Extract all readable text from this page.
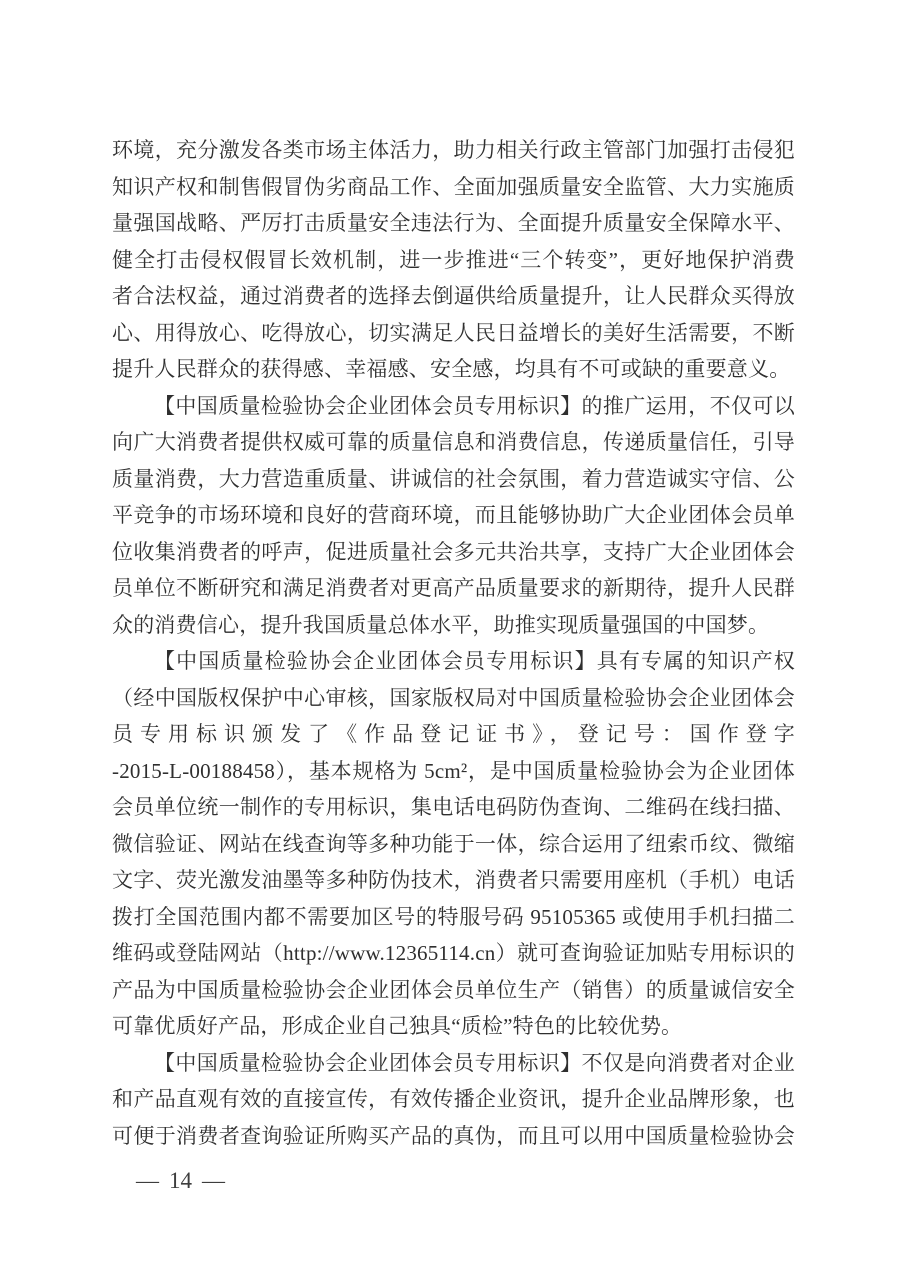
环境，充分激发各类市场主体活力，助力相关行政主管部门加强打击侵犯
知识产权和制售假冒伪劣商品工作、全面加强质量安全监管、大力实施质
量强国战略、严厉打击质量安全违法行为、全面提升质量安全保障水平、
健全打击侵权假冒长效机制，进一步推进“三个转变”，更好地保护消费
者合法权益，通过消费者的选择去倒逼供给质量提升，让人民群众买得放
心、用得放心、吃得放心，切实满足人民日益增长的美好生活需要，不断
提升人民群众的获得感、幸福感、安全感，均具有不可或缺的重要意义。
【中国质量检验协会企业团体会员专用标识】的推广运用，不仅可以
向广大消费者提供权威可靠的质量信息和消费信息，传递质量信任，引导
质量消费，大力营造重质量、讲诚信的社会氛围，着力营造诚实守信、公
平竞争的市场环境和良好的营商环境，而且能够协助广大企业团体会员单
位收集消费者的呼声，促进质量社会多元共治共享，支持广大企业团体会
员单位不断研究和满足消费者对更高产品质量要求的新期待，提升人民群
众的消费信心，提升我国质量总体水平，助推实现质量强国的中国梦。
【中国质量检验协会企业团体会员专用标识】具有专属的知识产权
（经中国版权保护中心审核，国家版权局对中国质量检验协会企业团体会
员专用标识颁发了《作品登记证书》，登记号：国作登字
-2015-L-00188458），基本规格为 5cm²，是中国质量检验协会为企业团体
会员单位统一制作的专用标识，集电话电码防伪查询、二维码在线扫描、
微信验证、网站在线查询等多种功能于一体，综合运用了纽索币纹、微缩
文字、荧光激发油墨等多种防伪技术，消费者只需要用座机（手机）电话
拨打全国范围内都不需要加区号的特服号码 95105365 或使用手机扫描二
维码或登陆网站（http://www.12365114.cn）就可查询验证加贴专用标识的
产品为中国质量检验协会企业团体会员单位生产（销售）的质量诚信安全
可靠优质好产品，形成企业自己独具“质检”特色的比较优势。
【中国质量检验协会企业团体会员专用标识】不仅是向消费者对企业
和产品直观有效的直接宣传，有效传播企业资讯，提升企业品牌形象，也
可便于消费者查询验证所购买产品的真伪，而且可以用中国质量检验协会
— 14 —
